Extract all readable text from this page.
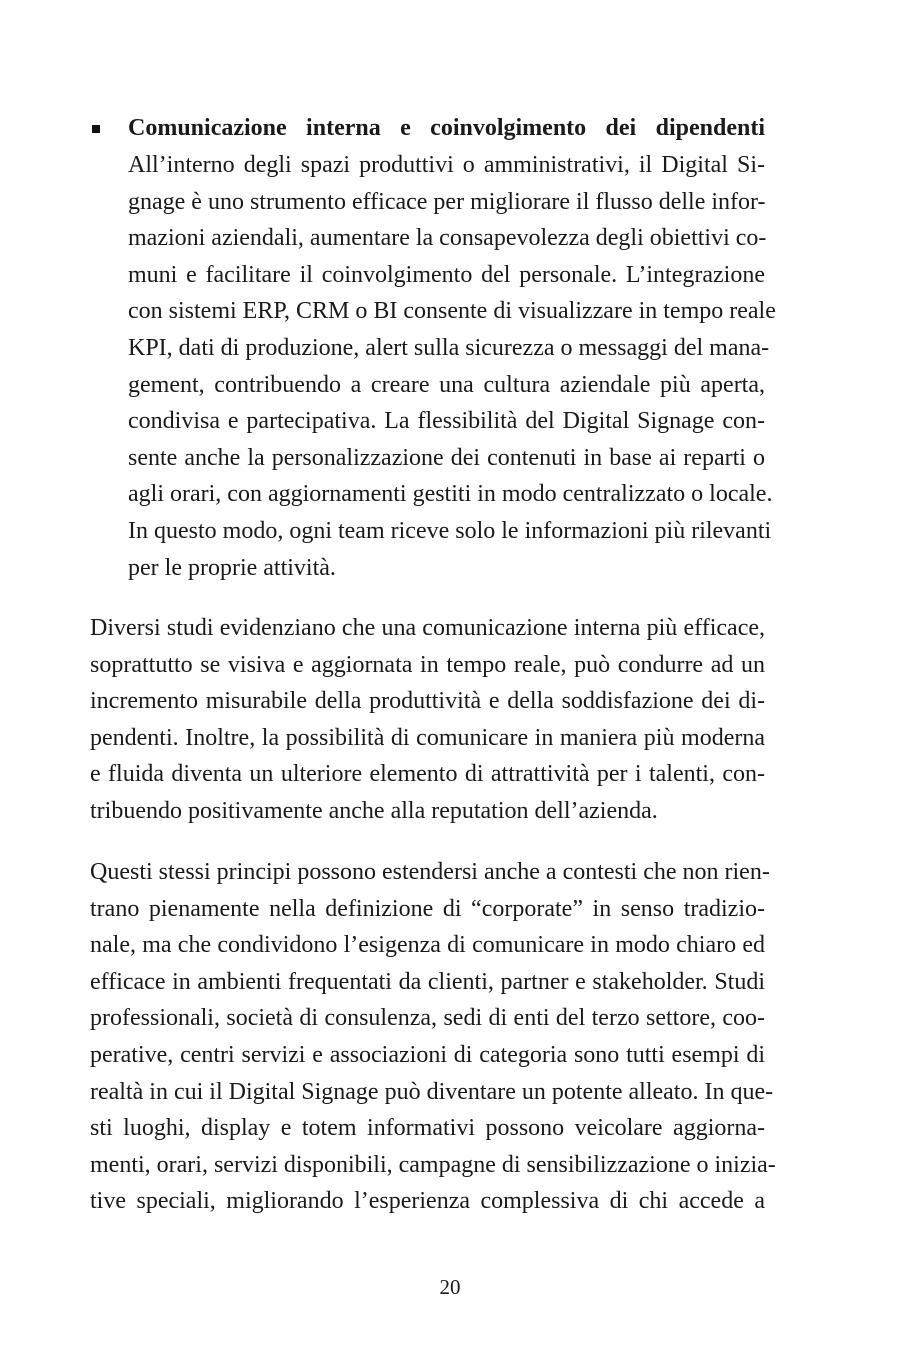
Comunicazione interna e coinvolgimento dei dipendenti

All’interno degli spazi produttivi o amministrativi, il Digital Si-

gnage è uno strumento efficace per migliorare il flusso delle infor-

mazioni aziendali, aumentare la consapevolezza degli obiettivi co-

muni e facilitare il coinvolgimento del personale. L’integrazione

con sistemi ERP, CRM o BI consente di visualizzare in tempo reale

KPI, dati di produzione, alert sulla sicurezza o messaggi del mana-

gement, contribuendo a creare una cultura aziendale più aperta,

condivisa e partecipativa. La flessibilità del Digital Signage con-

sente anche la personalizzazione dei contenuti in base ai reparti o

agli orari, con aggiornamenti gestiti in modo centralizzato o locale.

In questo modo, ogni team riceve solo le informazioni più rilevanti

per le proprie attività.

Diversi studi evidenziano che una comunicazione interna più efficace,

soprattutto se visiva e aggiornata in tempo reale, può condurre ad un

incremento misurabile della produttività e della soddisfazione dei di-

pendenti. Inoltre, la possibilità di comunicare in maniera più moderna

e fluida diventa un ulteriore elemento di attrattività per i talenti, con-

tribuendo positivamente anche alla reputation dell’azienda.

Questi stessi principi possono estendersi anche a contesti che non rien-

trano pienamente nella definizione di “corporate” in senso tradizio-

nale, ma che condividono l’esigenza di comunicare in modo chiaro ed

efficace in ambienti frequentati da clienti, partner e stakeholder. Studi

professionali, società di consulenza, sedi di enti del terzo settore, coo-

perative, centri servizi e associazioni di categoria sono tutti esempi di

realtà in cui il Digital Signage può diventare un potente alleato. In que-

sti luoghi, display e totem informativi possono veicolare aggiorna-

menti, orari, servizi disponibili, campagne di sensibilizzazione o inizia-

tive speciali, migliorando l’esperienza complessiva di chi accede a

20
